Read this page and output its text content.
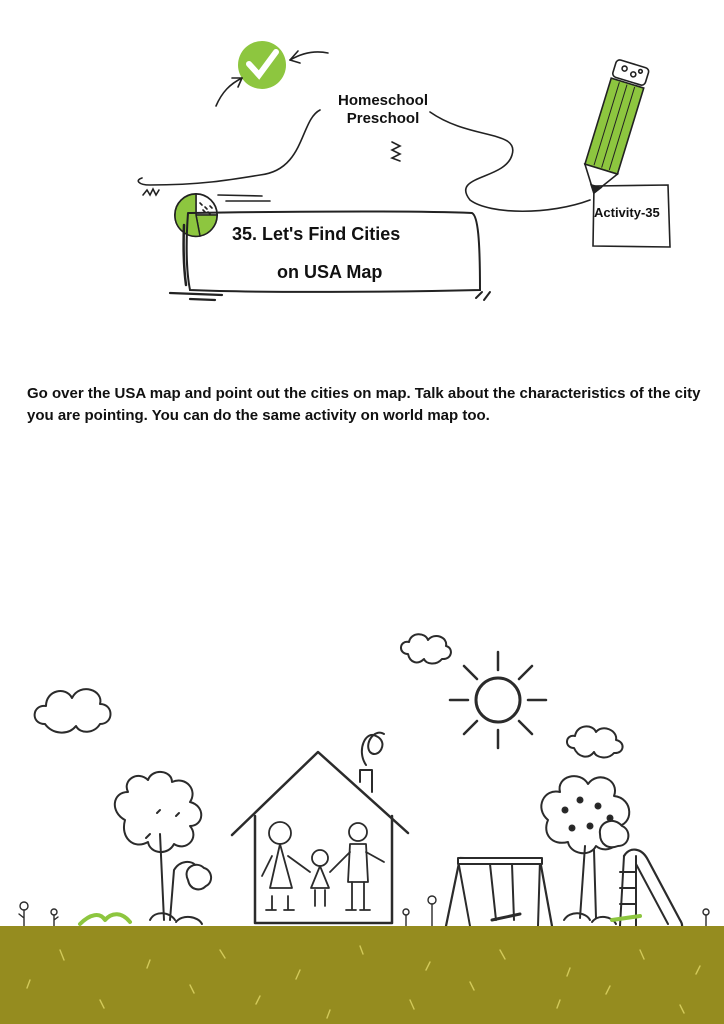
Homeschool
Preschool
Activity-35
35. Let's Find Cities
on USA Map
Go over the USA map and point out the cities on map. Talk about the characteristics of the city you are pointing. You can do the same activity on world map too.
